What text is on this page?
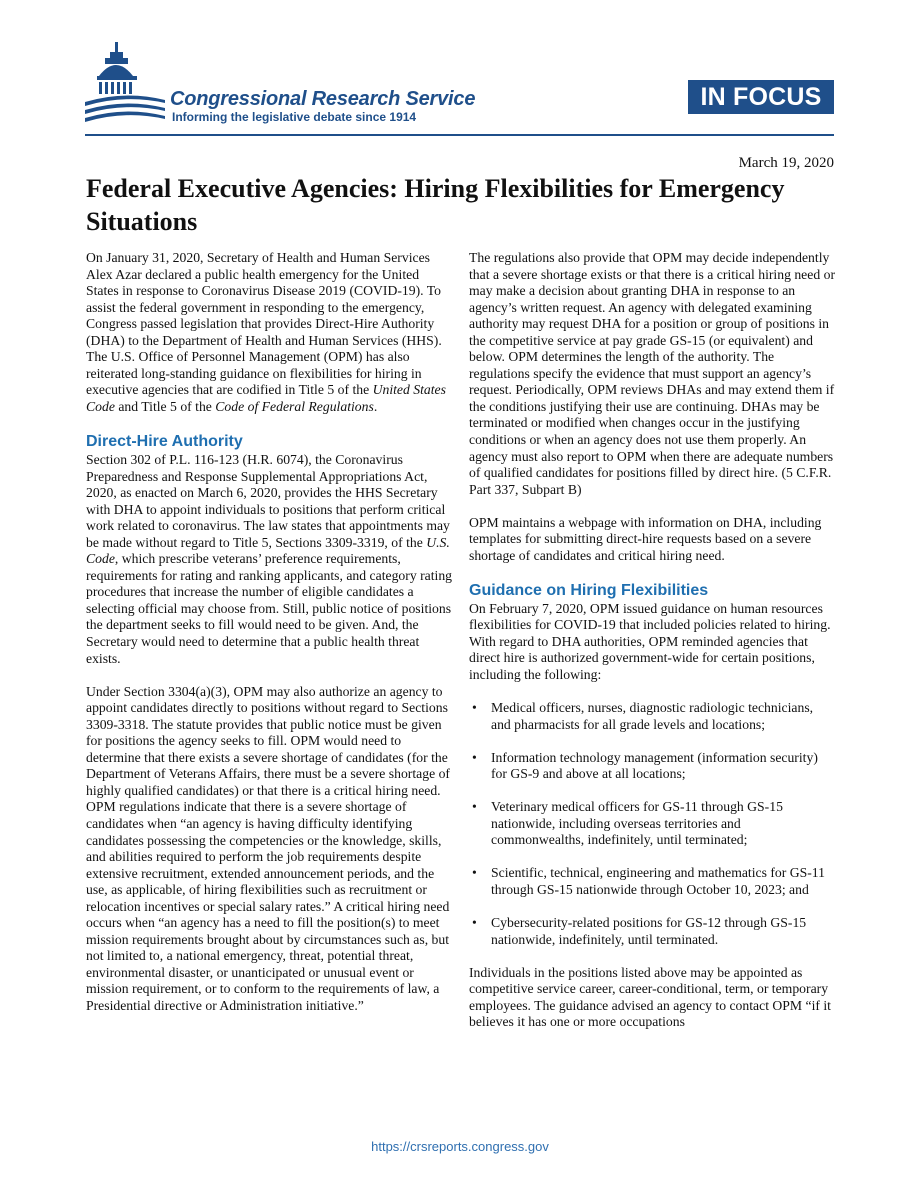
Congressional Research Service
Informing the legislative debate since 1914
IN FOCUS
March 19, 2020
Federal Executive Agencies: Hiring Flexibilities for Emergency Situations

On January 31, 2020, Secretary of Health and Human Services Alex Azar declared a public health emergency for the United States in response to Coronavirus Disease 2019 (COVID-19). To assist the federal government in responding to the emergency, Congress passed legislation that provides Direct-Hire Authority (DHA) to the Department of Health and Human Services (HHS). The U.S. Office of Personnel Management (OPM) has also reiterated long-standing guidance on flexibilities for hiring in executive agencies that are codified in Title 5 of the United States Code and Title 5 of the Code of Federal Regulations.

Direct-Hire Authority

Section 302 of P.L. 116-123 (H.R. 6074), the Coronavirus Preparedness and Response Supplemental Appropriations Act, 2020, as enacted on March 6, 2020, provides the HHS Secretary with DHA to appoint individuals to positions that perform critical work related to coronavirus. The law states that appointments may be made without regard to Title 5, Sections 3309-3319, of the U.S. Code, which prescribe veterans’ preference requirements, requirements for rating and ranking applicants, and category rating procedures that increase the number of eligible candidates a selecting official may choose from. Still, public notice of positions the department seeks to fill would need to be given. And, the Secretary would need to determine that a public health threat exists.

Under Section 3304(a)(3), OPM may also authorize an agency to appoint candidates directly to positions without regard to Sections 3309-3318. The statute provides that public notice must be given for positions the agency seeks to fill. OPM would need to determine that there exists a severe shortage of candidates (for the Department of Veterans Affairs, there must be a severe shortage of highly qualified candidates) or that there is a critical hiring need. OPM regulations indicate that there is a severe shortage of candidates when “an agency is having difficulty identifying candidates possessing the competencies or the knowledge, skills, and abilities required to perform the job requirements despite extensive recruitment, extended announcement periods, and the use, as applicable, of hiring flexibilities such as recruitment or relocation incentives or special salary rates.” A critical hiring need occurs when “an agency has a need to fill the position(s) to meet mission requirements brought about by circumstances such as, but not limited to, a national emergency, threat, potential threat, environmental disaster, or unanticipated or unusual event or mission requirement, or to conform to the requirements of law, a Presidential directive or Administration initiative.”

The regulations also provide that OPM may decide independently that a severe shortage exists or that there is a critical hiring need or may make a decision about granting DHA in response to an agency’s written request. An agency with delegated examining authority may request DHA for a position or group of positions in the competitive service at pay grade GS-15 (or equivalent) and below. OPM determines the length of the authority. The regulations specify the evidence that must support an agency’s request. Periodically, OPM reviews DHAs and may extend them if the conditions justifying their use are continuing. DHAs may be terminated or modified when changes occur in the justifying conditions or when an agency does not use them properly. An agency must also report to OPM when there are adequate numbers of qualified candidates for positions filled by direct hire. (5 C.F.R. Part 337, Subpart B)

OPM maintains a webpage with information on DHA, including templates for submitting direct-hire requests based on a severe shortage of candidates and critical hiring need.

Guidance on Hiring Flexibilities

On February 7, 2020, OPM issued guidance on human resources flexibilities for COVID-19 that included policies related to hiring. With regard to DHA authorities, OPM reminded agencies that direct hire is authorized government-wide for certain positions, including the following:

• Medical officers, nurses, diagnostic radiologic technicians, and pharmacists for all grade levels and locations;
• Information technology management (information security) for GS-9 and above at all locations;
• Veterinary medical officers for GS-11 through GS-15 nationwide, including overseas territories and commonwealths, indefinitely, until terminated;
• Scientific, technical, engineering and mathematics for GS-11 through GS-15 nationwide through October 10, 2023; and
• Cybersecurity-related positions for GS-12 through GS-15 nationwide, indefinitely, until terminated.

Individuals in the positions listed above may be appointed as competitive service career, career-conditional, term, or temporary employees. The guidance advised an agency to contact OPM “if it believes it has one or more occupations

https://crsreports.congress.gov
